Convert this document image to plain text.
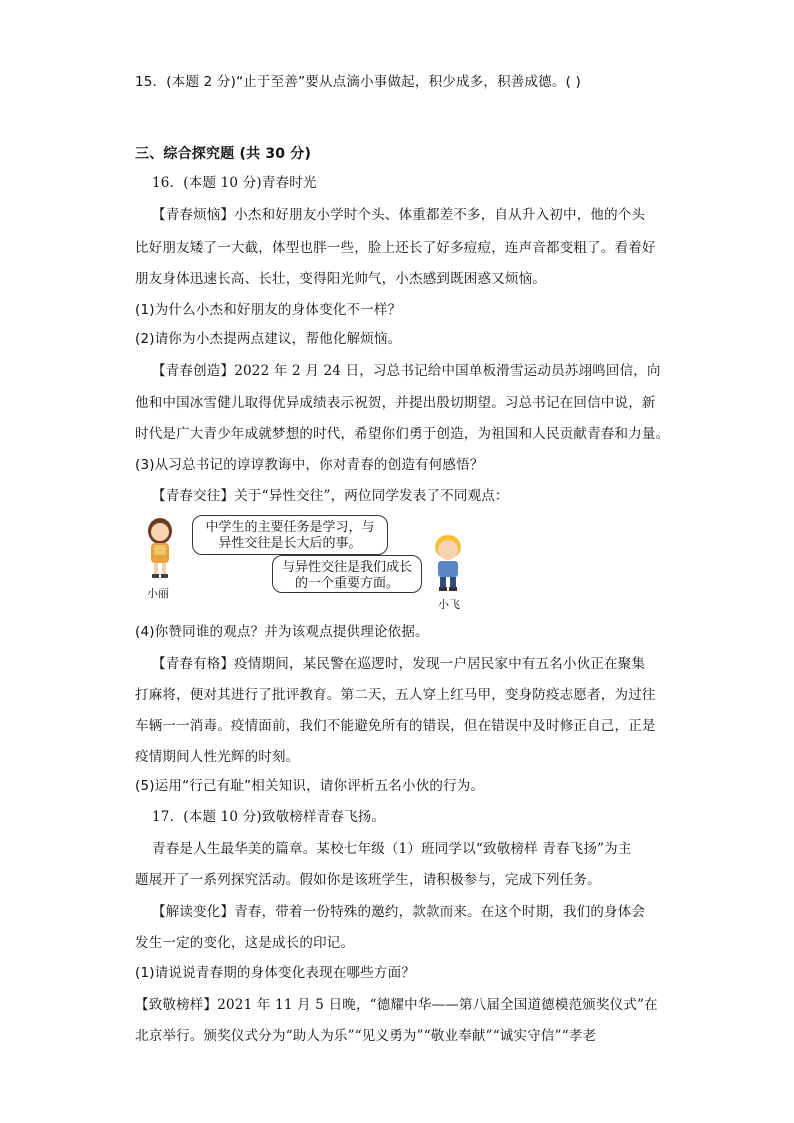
15．(本题 2 分)“止于至善”要从点滴小事做起，积少成多，积善成德。( )
三、综合探究题 (共 30 分)
16．(本题 10 分)青春时光
【青春烦恼】小杰和好朋友小学时个头、体重都差不多，自从升入初中，他的个头
比好朋友矮了一大截，体型也胖一些，脸上还长了好多痘痘，连声音都变粗了。看着好
朋友身体迅速长高、长壮，变得阳光帅气，小杰感到既困惑又烦恼。
(1)为什么小杰和好朋友的身体变化不一样？
(2)请你为小杰提两点建议，帮他化解烦恼。
【青春创造】2022 年 2 月 24 日，习总书记给中国单板滑雪运动员苏翊鸣回信，向
他和中国冰雪健儿取得优异成绩表示祝贺，并提出殷切期望。习总书记在回信中说，新
时代是广大青少年成就梦想的时代，希望你们勇于创造，为祖国和人民贡献青春和力量。
(3)从习总书记的谆谆教诲中，你对青春的创造有何感悟？
【青春交往】关于“异性交往”，两位同学发表了不同观点：
小丽
中学生的主要任务是学习，与
异性交往是长大后的事。
与异性交往是我们成长
的一个重要方面。
小飞
(4)你赞同谁的观点？并为该观点提供理论依据。
【青春有格】疫情期间，某民警在巡逻时，发现一户居民家中有五名小伙正在聚集
打麻将，便对其进行了批评教育。第二天，五人穿上红马甲，变身防疫志愿者，为过往
车辆一一消毒。疫情面前，我们不能避免所有的错误，但在错误中及时修正自己，正是
疫情期间人性光辉的时刻。
(5)运用“行己有耻”相关知识，请你评析五名小伙的行为。
17．(本题 10 分)致敬榜样青春飞扬。
青春是人生最华美的篇章。某校七年级（1）班同学以“致敬榜样 青春飞扬”为主
题展开了一系列探究活动。假如你是该班学生，请积极参与，完成下列任务。
【解读变化】青春，带着一份特殊的邀约，款款而来。在这个时期，我们的身体会
发生一定的变化，这是成长的印记。
(1)请说说青春期的身体变化表现在哪些方面？
【致敬榜样】2021 年 11 月 5 日晚，“德耀中华——第八届全国道德模范颁奖仪式”在
北京举行。颁奖仪式分为“助人为乐”“见义勇为”“敬业奉献”“诚实守信”“孝老
